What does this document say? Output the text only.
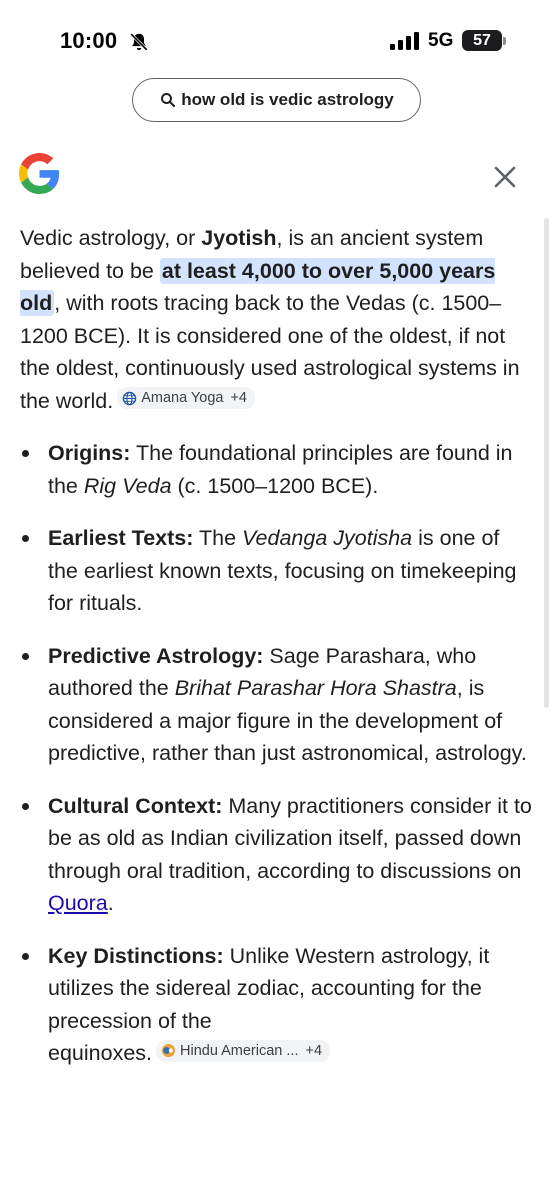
10:00	5G 57
how old is vedic astrology

Vedic astrology, or Jyotish, is an ancient system believed to be at least 4,000 to over 5,000 years old, with roots tracing back to the Vedas (c. 1500–1200 BCE). It is considered one of the oldest, if not the oldest, continuously used astrological systems in the world. Amana Yoga +4

Origins: The foundational principles are found in the Rig Veda (c. 1500–1200 BCE).
Earliest Texts: The Vedanga Jyotisha is one of the earliest known texts, focusing on timekeeping for rituals.
Predictive Astrology: Sage Parashara, who authored the Brihat Parashar Hora Shastra, is considered a major figure in the development of predictive, rather than just astronomical, astrology.
Cultural Context: Many practitioners consider it to be as old as Indian civilization itself, passed down through oral tradition, according to discussions on Quora.
Key Distinctions: Unlike Western astrology, it utilizes the sidereal zodiac, accounting for the precession of the
equinoxes. Hindu American ... +4
